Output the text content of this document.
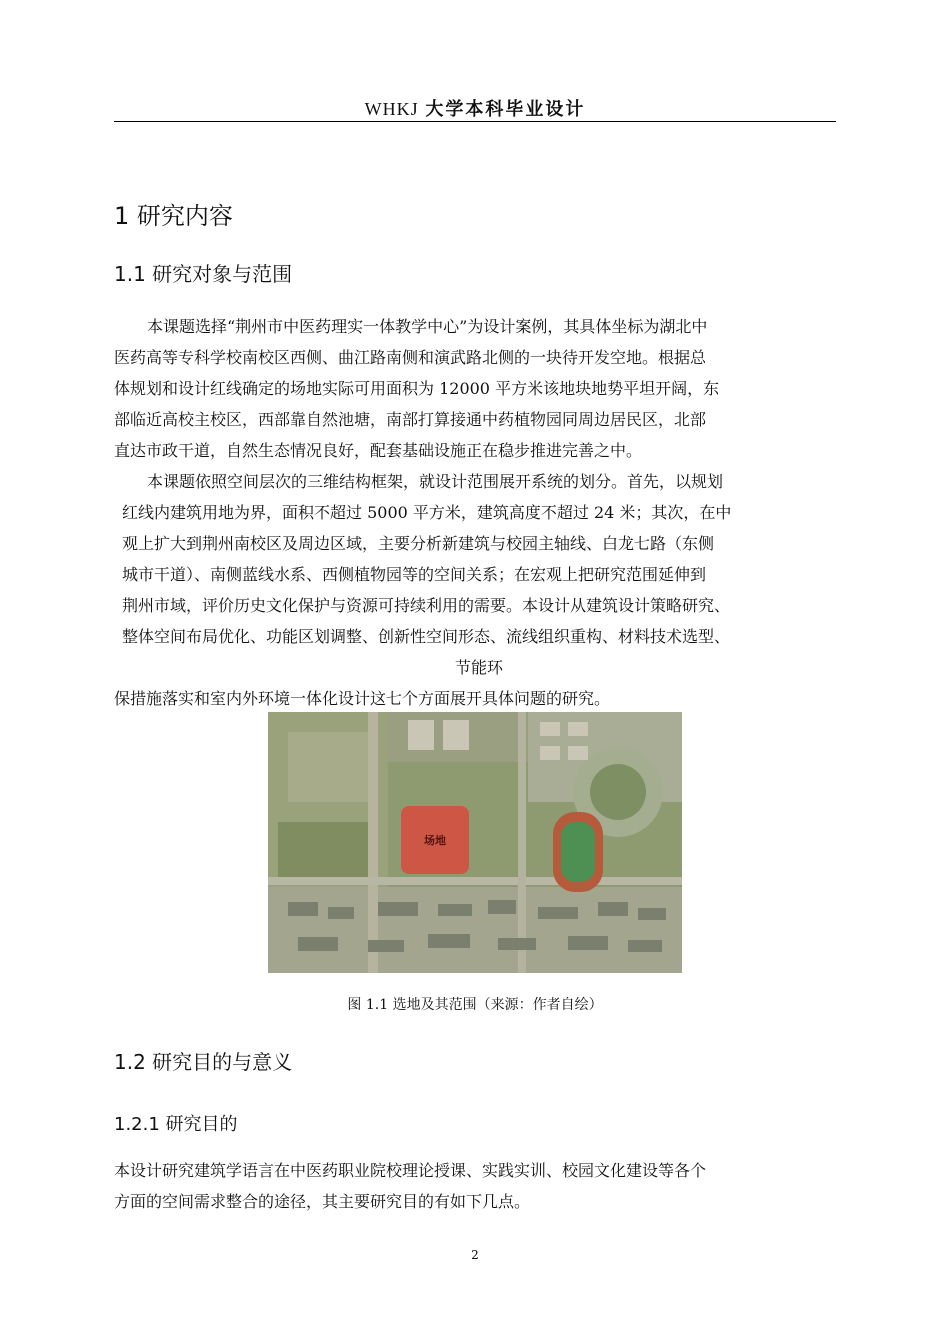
WHKJ 大学本科毕业设计
1 研究内容
1.1 研究对象与范围
本课题选择“荆州市中医药理实一体教学中心”为设计案例，其具体坐标为湖北中
医药高等专科学校南校区西侧、曲江路南侧和演武路北侧的一块待开发空地。根据总
体规划和设计红线确定的场地实际可用面积为 12000 平方米该地块地势平坦开阔，东
部临近高校主校区，西部靠自然池塘，南部打算接通中药植物园同周边居民区，北部
直达市政干道，自然生态情况良好，配套基础设施正在稳步推进完善之中。
本课题依照空间层次的三维结构框架，就设计范围展开系统的划分。首先，以规划
红线内建筑用地为界，面积不超过 5000 平方米，建筑高度不超过 24 米；其次，在中
观上扩大到荆州南校区及周边区域，主要分析新建筑与校园主轴线、白龙七路（东侧
城市干道）、南侧蓝线水系、西侧植物园等的空间关系；在宏观上把研究范围延伸到
荆州市域，评价历史文化保护与资源可持续利用的需要。本设计从建筑设计策略研究、
整体空间布局优化、功能区划调整、创新性空间形态、流线组织重构、材料技术选型、
节能环
保措施落实和室内外环境一体化设计这七个方面展开具体问题的研究。
场地
图 1.1 选地及其范围（来源：作者自绘）
1.2 研究目的与意义
1.2.1 研究目的
本设计研究建筑学语言在中医药职业院校理论授课、实践实训、校园文化建设等各个
方面的空间需求整合的途径，其主要研究目的有如下几点。
2
